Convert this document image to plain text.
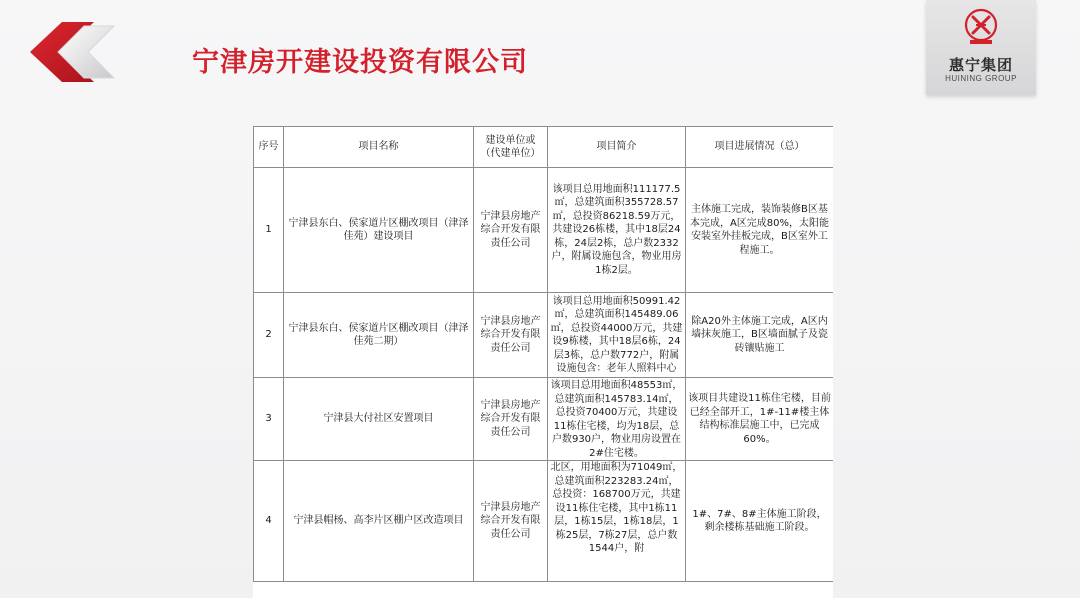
宁津房开建设投资有限公司	惠宁集团
HUINING GROUP
序号	项目名称	建设单位或（代建单位）	项目简介	项目进展情况（总）
1	宁津县东白、侯家道片区棚改项目（津泽佳苑）建设项目	宁津县房地产综合开发有限责任公司	该项目总用地面积111177.5㎡，总建筑面积355728.57㎡，总投资86218.59万元，共建设26栋楼，其中18层24栋，24层2栋，总户数2332户，附属设施包含，物业用房1栋2层。	主体施工完成，装饰装修B区基本完成，A区完成80%，太阳能安装室外挂板完成，B区室外工程施工。
2	宁津县东白、侯家道片区棚改项目（津泽佳苑二期）	宁津县房地产综合开发有限责任公司	该项目总用地面积50991.42㎡，总建筑面积145489.06㎡，总投资44000万元，共建设9栋楼，其中18层6栋，24层3栋，总户数772户，附属设施包含：老年人照料中心	除A20外主体施工完成，A区内墙抹灰施工，B区墙面腻子及瓷砖镶贴施工
3	宁津县大付社区安置项目	宁津县房地产综合开发有限责任公司	该项目总用地面积48553㎡，总建筑面积145783.14㎡，总投资70400万元，共建设11栋住宅楼，均为18层，总户数930户，物业用房设置在2#住宅楼。	该项目共建设11栋住宅楼，目前已经全部开工，1#-11#楼主体结构标准层施工中，已完成60%。
4	宁津县帽杨、高李片区棚户区改造项目	宁津县房地产综合开发有限责任公司	北区，用地面积为71049㎡，总建筑面积223283.24㎡，总投资：168700万元，共建设11栋住宅楼，其中1栋11层，1栋15层，1栋18层，1栋25层，7栋27层，总户数1544户，附	1#、7#、8#主体施工阶段，剩余楼栋基础施工阶段。
